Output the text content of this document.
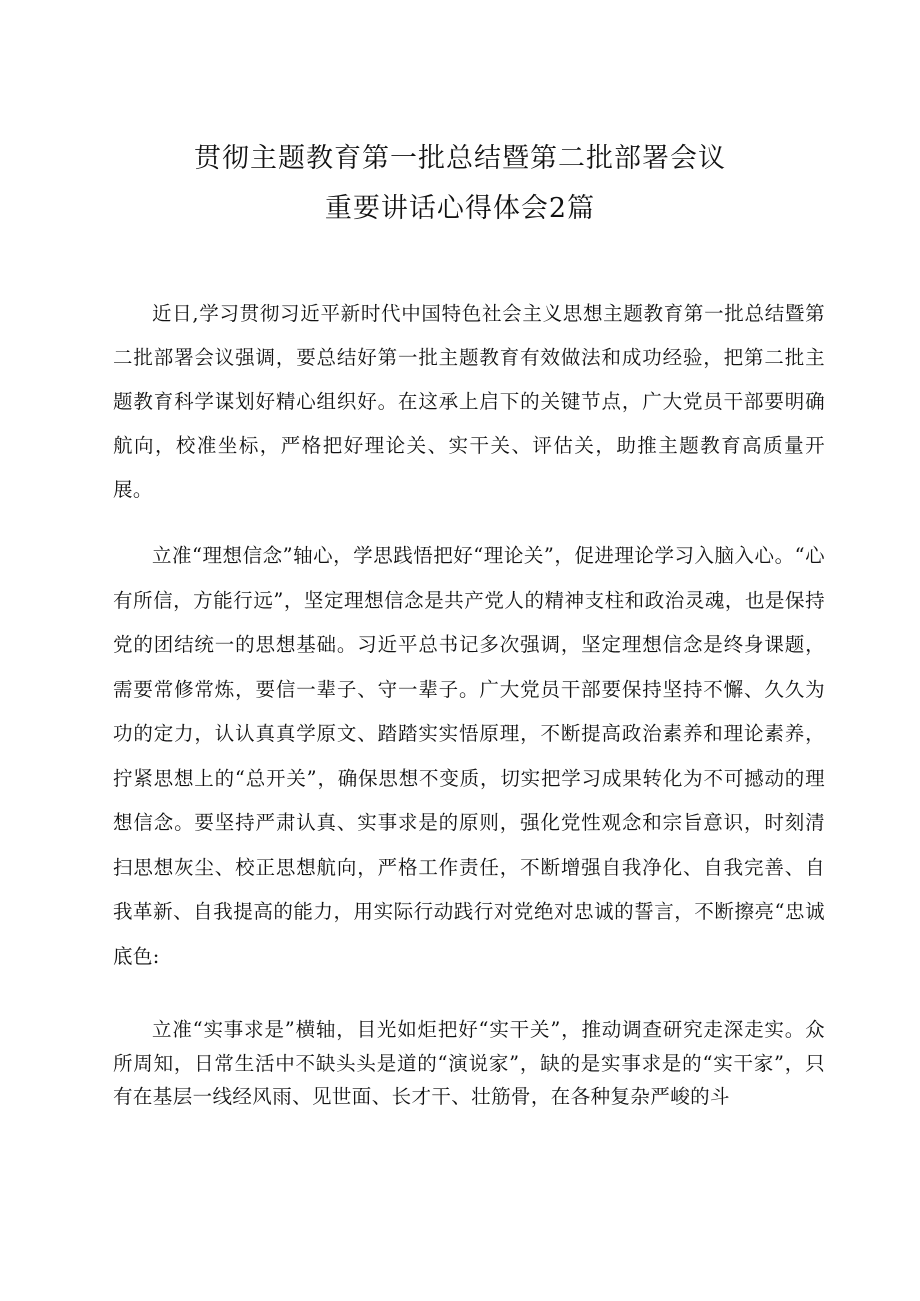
贯彻主题教育第一批总结暨第二批部署会议
重要讲话心得体会2篇

近日,学习贯彻习近平新时代中国特色社会主义思想主题教育第一批总结暨第二批部署会议强调，要总结好第一批主题教育有效做法和成功经验，把第二批主题教育科学谋划好精心组织好。在这承上启下的关键节点，广大党员干部要明确航向，校准坐标，严格把好理论关、实干关、评估关，助推主题教育高质量开展。

立准“理想信念”轴心，学思践悟把好“理论关”，促进理论学习入脑入心。“心有所信，方能行远”，坚定理想信念是共产党人的精神支柱和政治灵魂，也是保持党的团结统一的思想基础。习近平总书记多次强调，坚定理想信念是终身课题，需要常修常炼，要信一辈子、守一辈子。广大党员干部要保持坚持不懈、久久为功的定力，认认真真学原文、踏踏实实悟原理，不断提高政治素养和理论素养，拧紧思想上的“总开关”，确保思想不变质，切实把学习成果转化为不可撼动的理想信念。要坚持严肃认真、实事求是的原则，强化党性观念和宗旨意识，时刻清扫思想灰尘、校正思想航向，严格工作责任，不断增强自我净化、自我完善、自我革新、自我提高的能力，用实际行动践行对党绝对忠诚的誓言，不断擦亮“忠诚底色:

立准“实事求是”横轴，目光如炬把好“实干关”，推动调查研究走深走实。众所周知，日常生活中不缺头头是道的“演说家”，缺的是实事求是的“实干家”，只有在基层一线经风雨、见世面、长才干、壮筋骨，在各种复杂严峻的斗
